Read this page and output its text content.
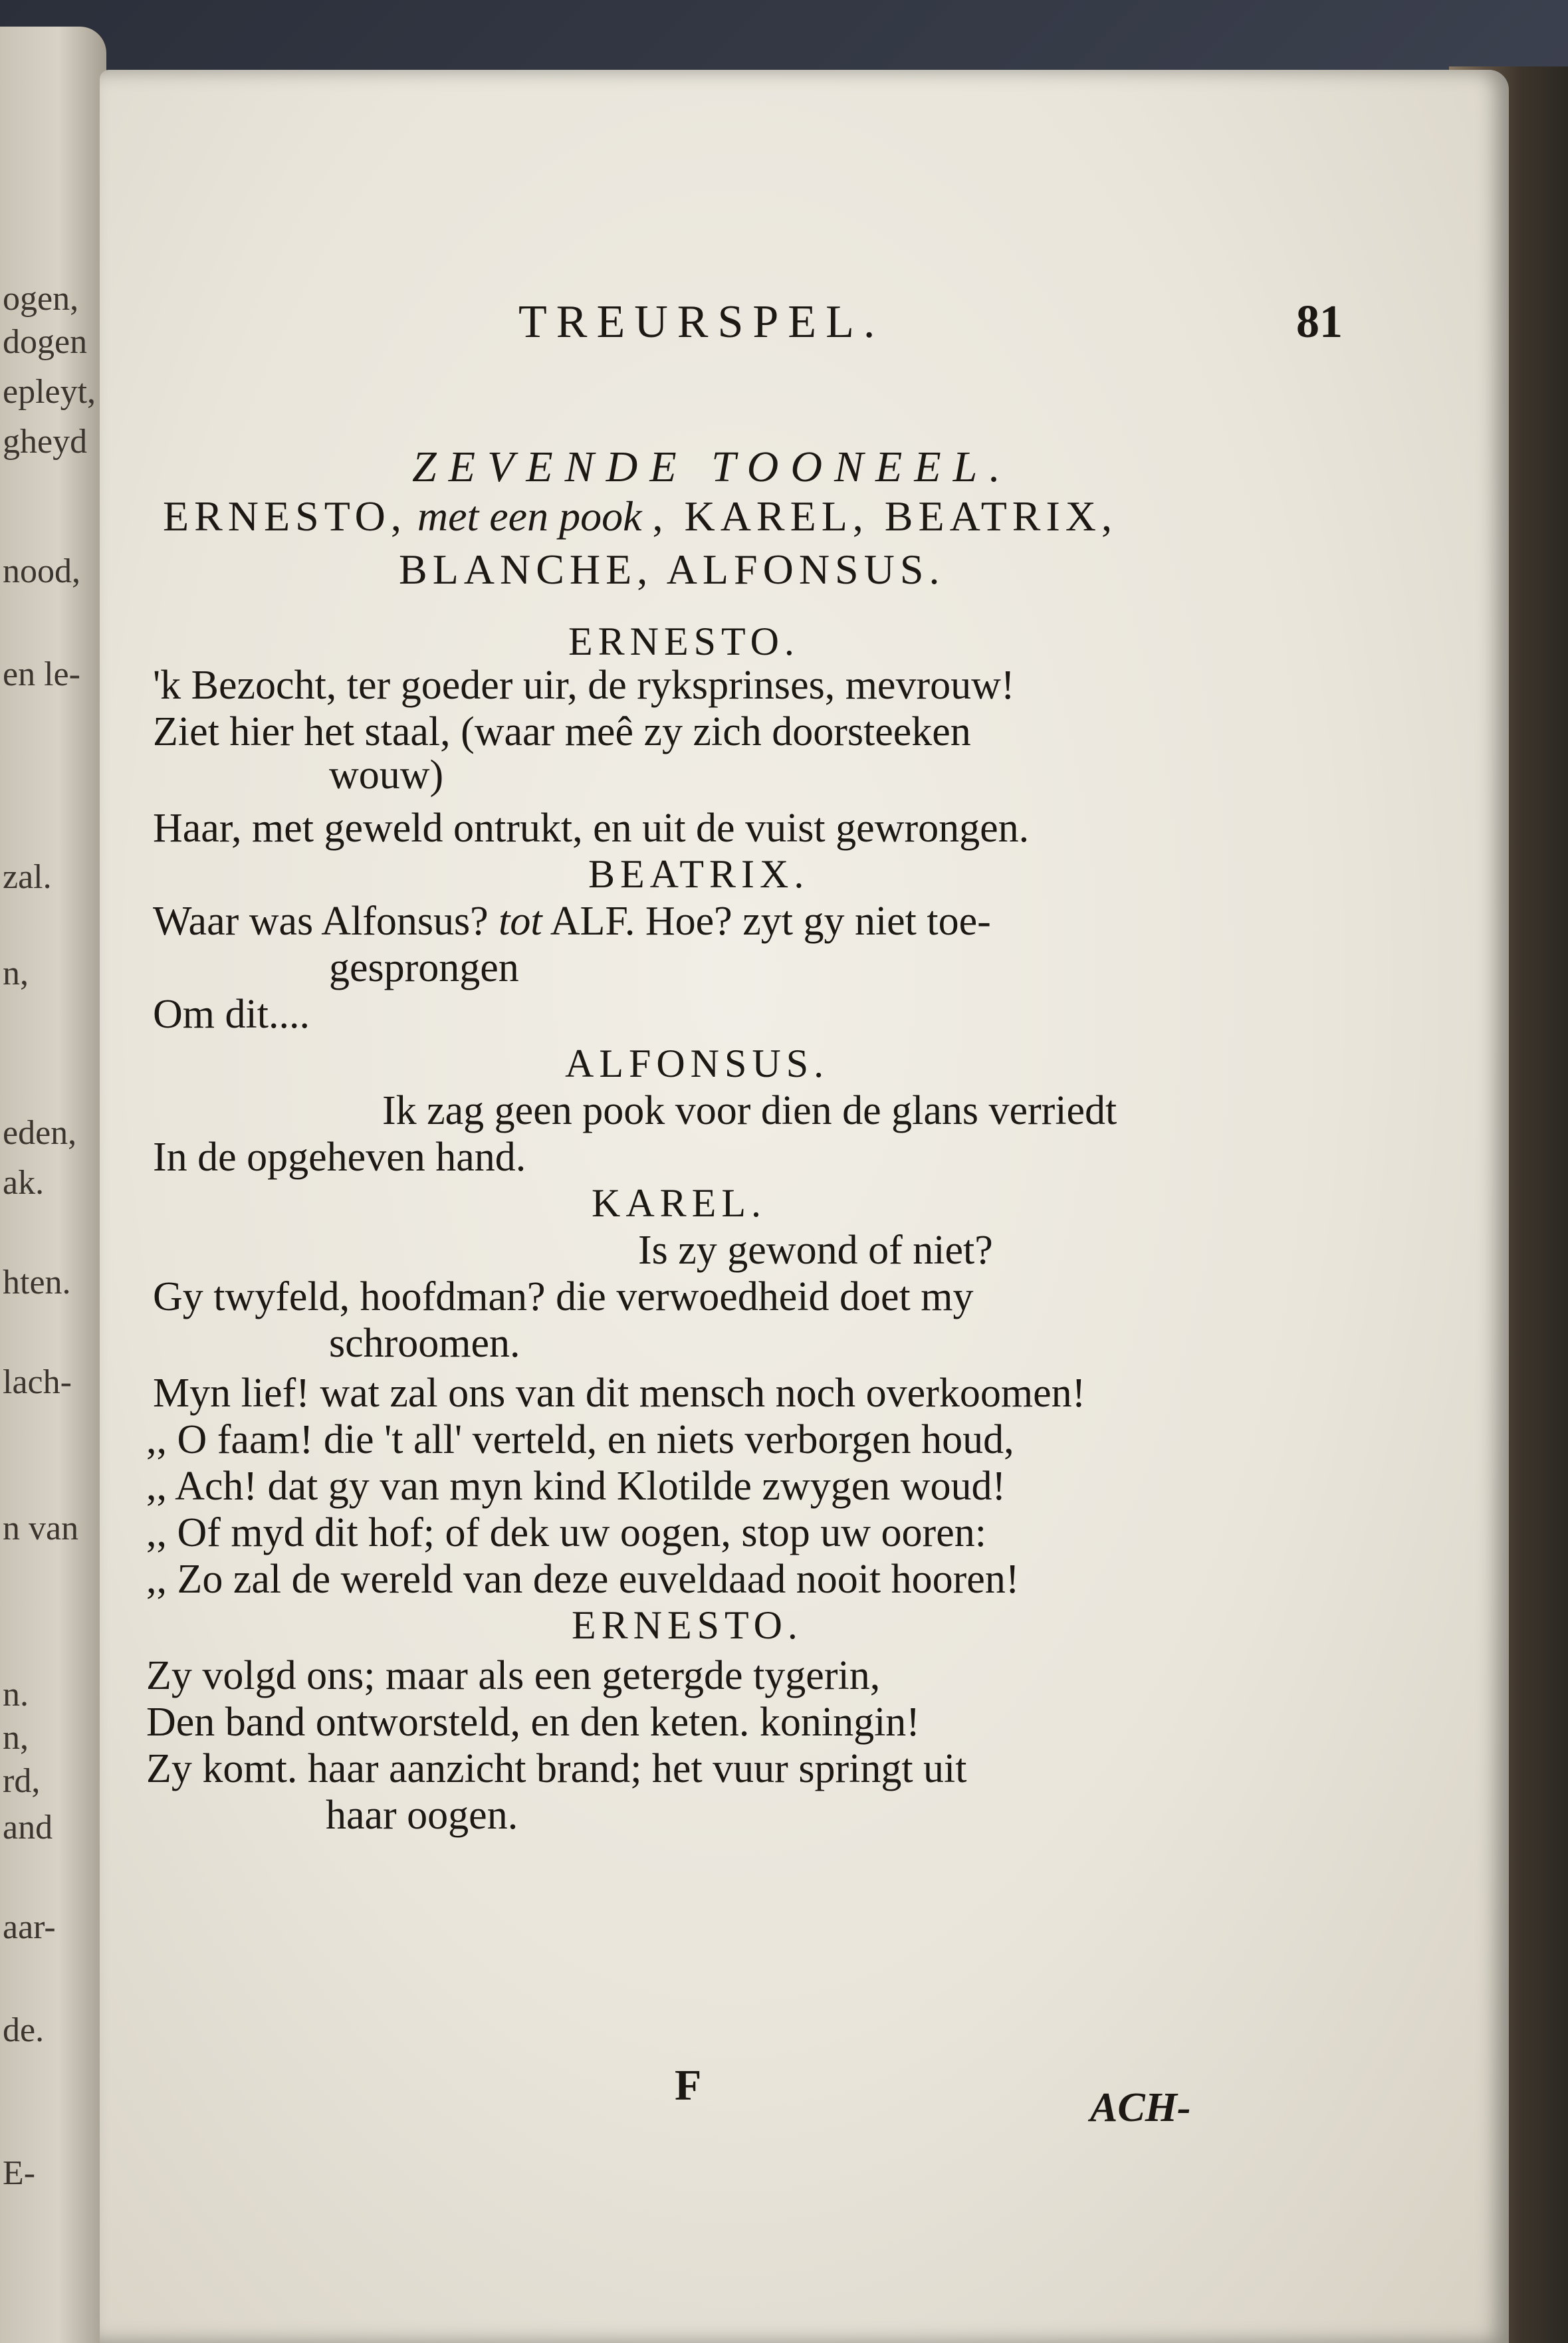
ogen,
dogen
epleyt,
gheyd
nood,
en le-
zal.
n,
eden,
ak.
hten.
lach-
n van
n.
n,
rd,
and
aar-
de.
E-
TREURSPEL.	81
ZEVENDE TOONEEL.
ERNESTO, met een pook , KAREL, BEATRIX,
BLANCHE, ALFONSUS.
ERNESTO.
'k Bezocht, ter goeder uir, de ryksprinses, mevrouw!
Ziet hier het staal, (waar meê zy zich doorsteeken
wouw)
Haar, met geweld ontrukt, en uit de vuist gewrongen.
BEATRIX.
Waar was Alfonsus? tot ALF. Hoe? zyt gy niet toe-
gesprongen
Om dit....
ALFONSUS.
Ik zag geen pook voor dien de glans verriedt
In de opgeheven hand.
KAREL.
Is zy gewond of niet?
Gy twyfeld, hoofdman? die verwoedheid doet my
schroomen.
Myn lief! wat zal ons van dit mensch noch overkoomen!
,, O faam! die 't all' verteld, en niets verborgen houd,
,, Ach! dat gy van myn kind Klotilde zwygen woud!
,, Of myd dit hof; of dek uw oogen, stop uw ooren:
,, Zo zal de wereld van deze euveldaad nooit hooren!
ERNESTO.
Zy volgd ons; maar als een getergde tygerin,
Den band ontworsteld, en den keten. koningin!
Zy komt. haar aanzicht brand; het vuur springt uit
haar oogen.
F	ACH-
